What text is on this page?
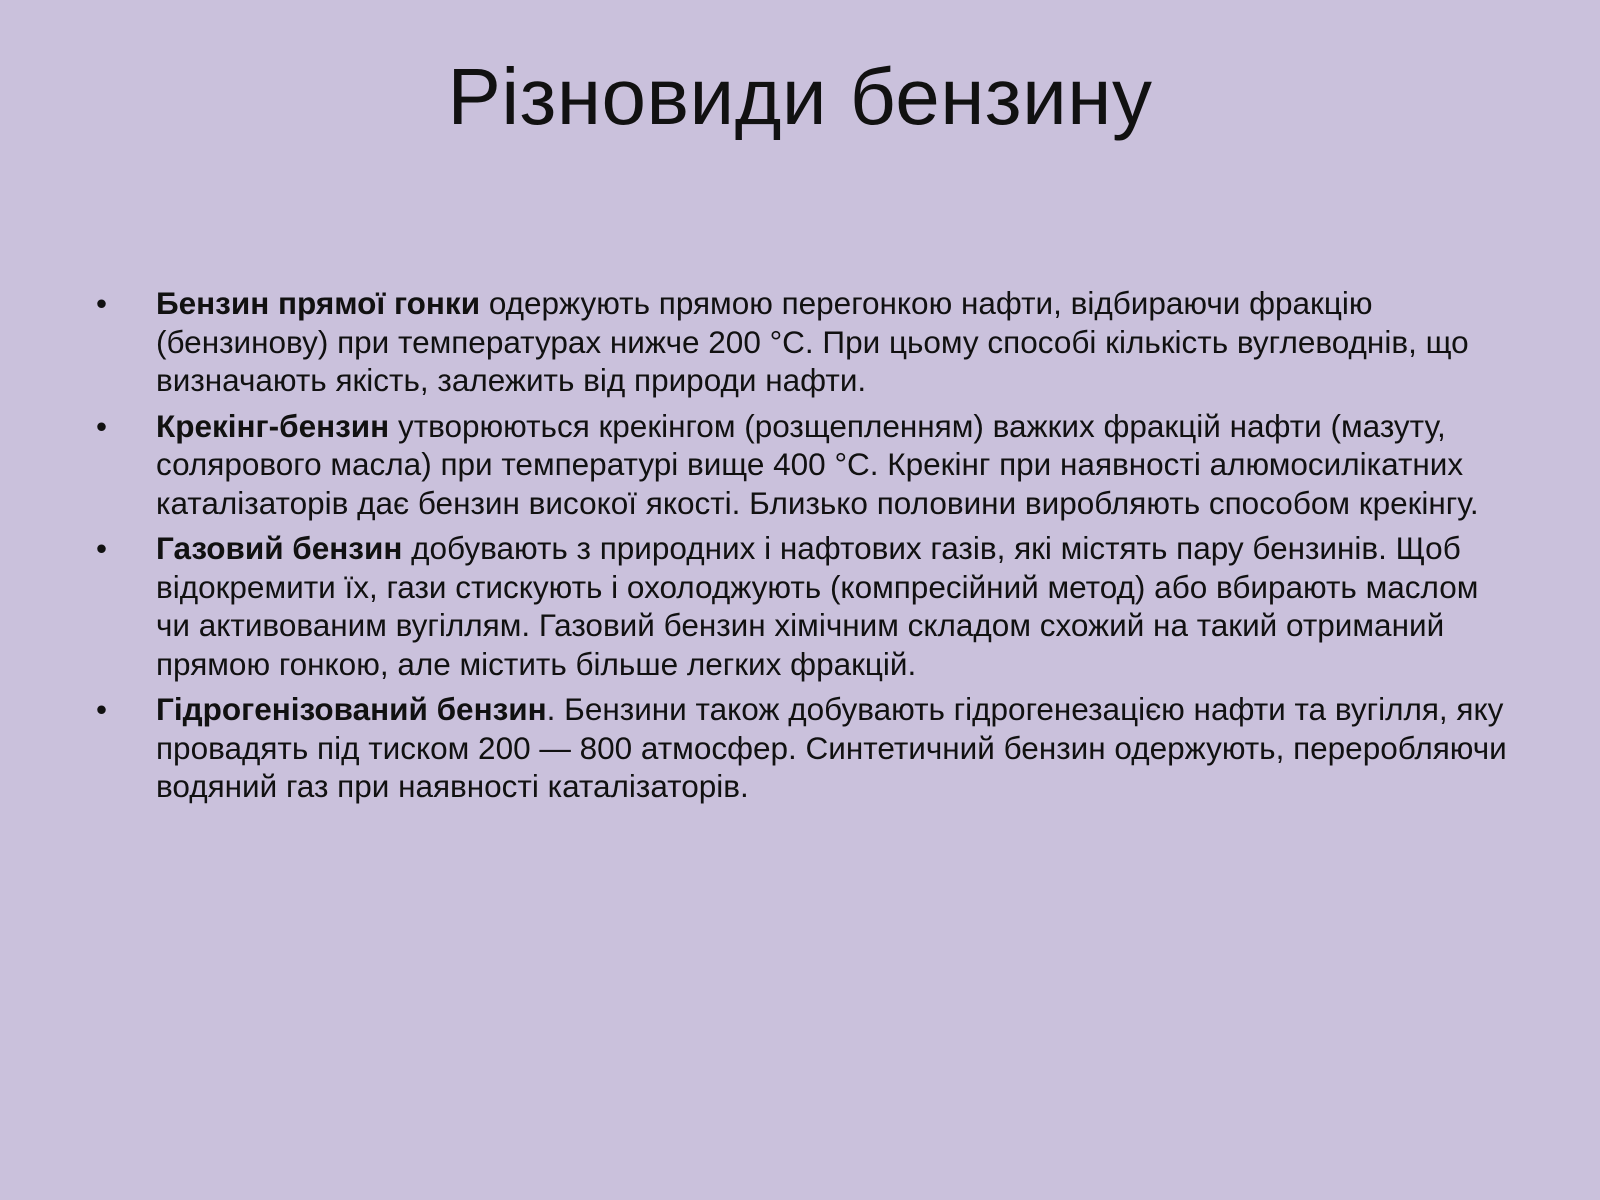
Різновиди бензину
• Бензин прямої гонки одержують прямою перегонкою нафти, відбираючи фракцію (бензинову) при температурах нижче 200 °C. При цьому способі кількість вуглеводнів, що визначають якість, залежить від природи нафти.
• Крекінг-бензин утворюються крекінгом (розщепленням) важких фракцій нафти (мазуту, солярового масла) при температурі вище 400 °C. Крекінг при наявності алюмосилікатних каталізаторів дає бензин високої якості. Близько половини виробляють способом крекінгу.
• Газовий бензин добувають з природних і нафтових газів, які містять пару бензинів. Щоб відокремити їх, гази стискують і охолоджують (компресійний метод) або вбирають маслом чи активованим вугіллям. Газовий бензин хімічним складом схожий на такий отриманий прямою гонкою, але містить більше легких фракцій.
• Гідрогенізований бензин. Бензини також добувають гідрогенезацією нафти та вугілля, яку провадять під тиском 200 — 800 атмосфер. Синтетичний бензин одержують, переробляючи водяний газ при наявності каталізаторів.
